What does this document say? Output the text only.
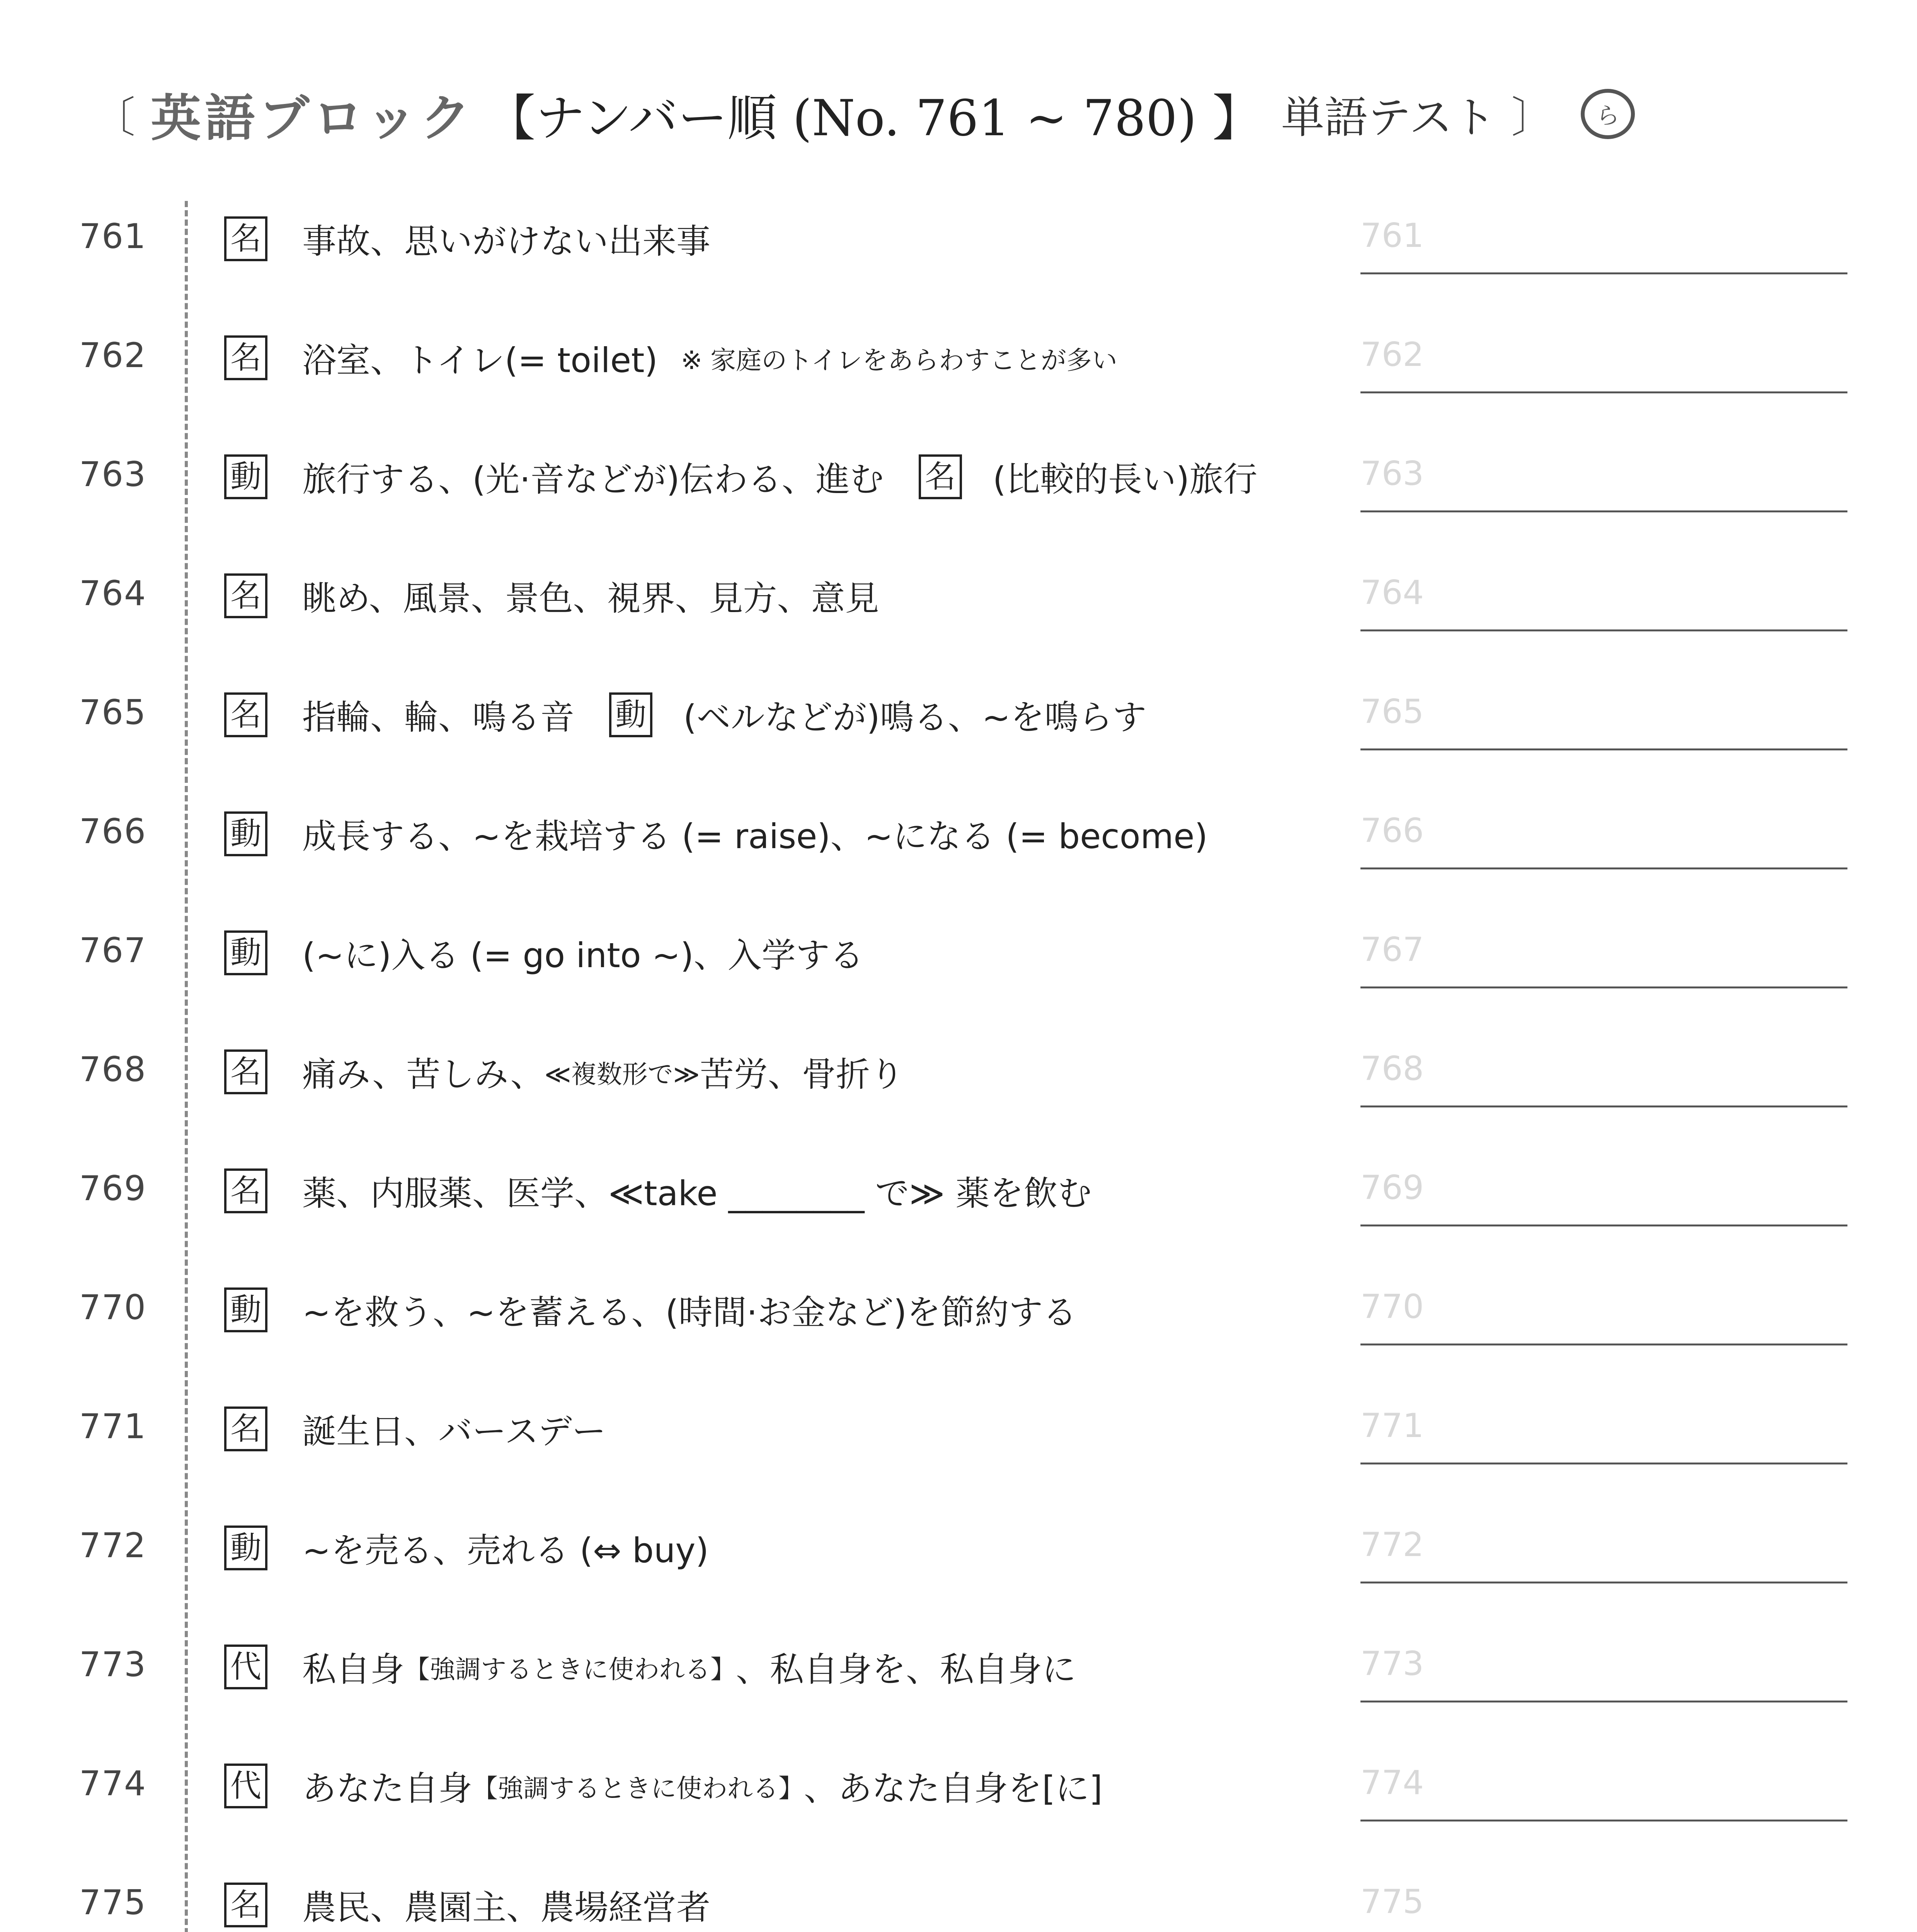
〔 英語ブロック 【ナンバー順 (No. 761 ~ 780) 】 単語テスト 〕	ら
761	名 事故、思いがけない出来事	761
762	名 浴室、トイレ(= toilet) ※ 家庭のトイレをあらわすことが多い	762
763	動 旅行する、(光·音などが)伝わる、進む 名 (比較的長い)旅行	763
764	名 眺め、風景、景色、視界、見方、意見	764
765	名 指輪、輪、鳴る音 動 (ベルなどが)鳴る、~を鳴らす	765
766	動 成長する、~を栽培する (= raise)、~になる (= become)	766
767	動 (~に)入る (= go into ~)、入学する	767
768	名 痛み、苦しみ、 ≪複数形で≫ 苦労、骨折り	768
769	名 薬、内服薬、医学、≪take ________ で≫ 薬を飲む	769
770	動 ~を救う、~を蓄える、(時間·お金など)を節約する	770
771	名 誕生日、バースデー	771
772	動 ~を売る、売れる (⇔ buy)	772
773	代 私自身 【強調するときに使われる】 、私自身を、私自身に	773
774	代 あなた自身 【強調するときに使われる】 、あなた自身を[に]	774
775	名 農民、農園主、農場経営者	775
